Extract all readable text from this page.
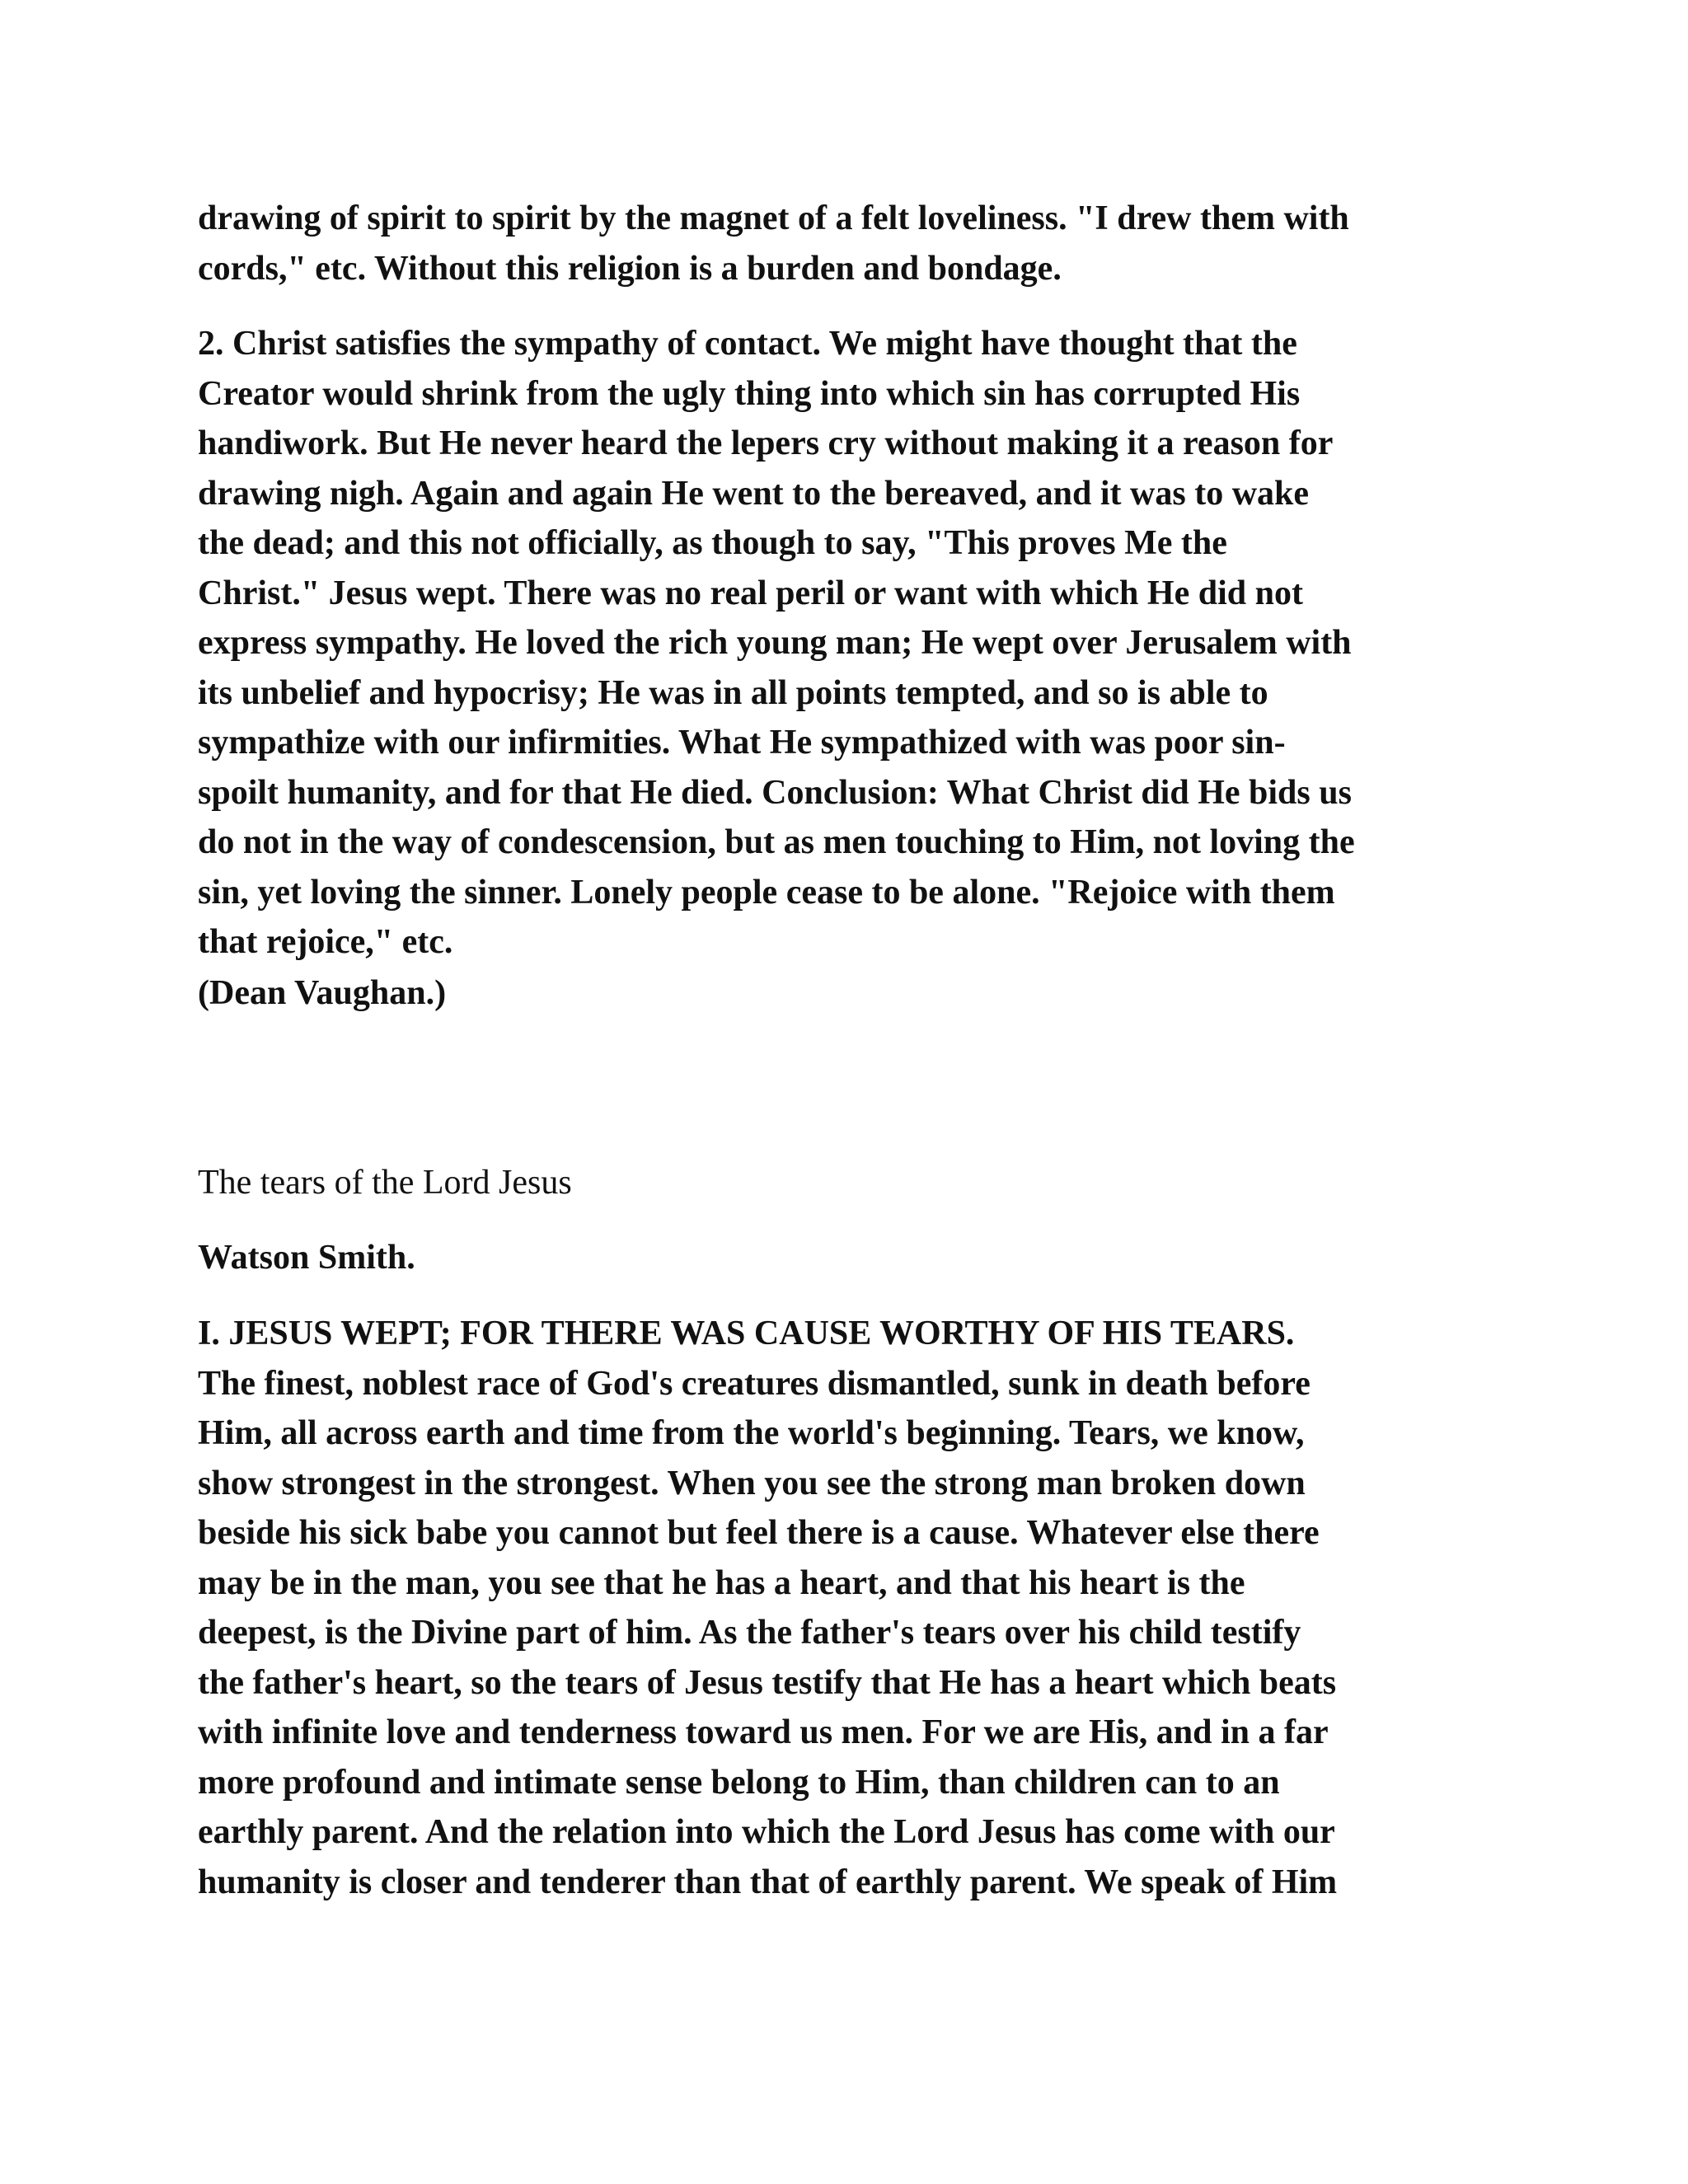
drawing of spirit to spirit by the magnet of a felt loveliness. "I drew them with
cords," etc. Without this religion is a burden and bondage.

2. Christ satisfies the sympathy of contact. We might have thought that the
Creator would shrink from the ugly thing into which sin has corrupted His
handiwork. But He never heard the lepers cry without making it a reason for
drawing nigh. Again and again He went to the bereaved, and it was to wake
the dead; and this not officially, as though to say, "This proves Me the
Christ." Jesus wept. There was no real peril or want with which He did not
express sympathy. He loved the rich young man; He wept over Jerusalem with
its unbelief and hypocrisy; He was in all points tempted, and so is able to
sympathize with our infirmities. What He sympathized with was poor sin-
spoilt humanity, and for that He died. Conclusion: What Christ did He bids us
do not in the way of condescension, but as men touching to Him, not loving the
sin, yet loving the sinner. Lonely people cease to be alone. "Rejoice with them
that rejoice," etc.

(Dean Vaughan.)

The tears of the Lord Jesus

Watson Smith.

I. JESUS WEPT; FOR THERE WAS CAUSE WORTHY OF HIS TEARS.
The finest, noblest race of God's creatures dismantled, sunk in death before
Him, all across earth and time from the world's beginning. Tears, we know,
show strongest in the strongest. When you see the strong man broken down
beside his sick babe you cannot but feel there is a cause. Whatever else there
may be in the man, you see that he has a heart, and that his heart is the
deepest, is the Divine part of him. As the father's tears over his child testify
the father's heart, so the tears of Jesus testify that He has a heart which beats
with infinite love and tenderness toward us men. For we are His, and in a far
more profound and intimate sense belong to Him, than children can to an
earthly parent. And the relation into which the Lord Jesus has come with our
humanity is closer and tenderer than that of earthly parent. We speak of Him
